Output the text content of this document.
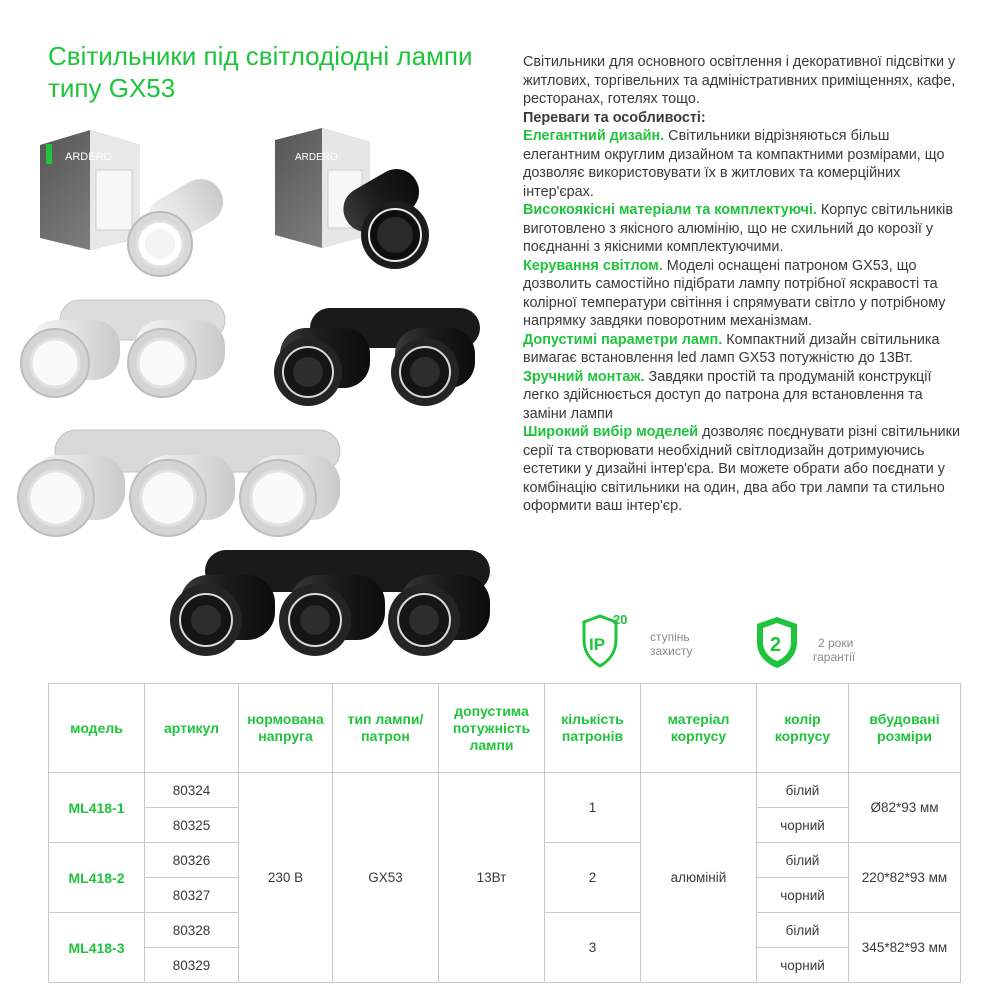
Світильники під світлодіодні лампи типу GX53
ARDERO	ARDERO

Світильники для основного освітлення і декоративної підсвітки у житлових, торгівельних та адміністративних приміщеннях, кафе, ресторанах, готелях тощо.

Переваги та особливості:

Елегантний дизайн. Світильники відрізняються більш елегантним округлим дизайном та компактними розмірами, що дозволяє використовувати їх в житлових та комерційних інтер'єрах.

Високоякісні матеріали та комплектуючі. Корпус світильників виготовлено з якісного алюмінію, що не схильний до корозії у поєднанні з якісними комплектуючими.

Керування світлом. Моделі оснащені патроном GX53, що дозволить самостійно підібрати лампу потрібної яскравості та колірної температури світіння і спрямувати світло у потрібному напрямку завдяки поворотним механізмам.

Допустимі параметри ламп. Компактний дизайн світильника вимагає встановлення led ламп GX53 потужністю до 13Вт.

Зручний монтаж. Завдяки простій та продуманій конструкції легко здійснюється доступ до патрона для встановлення та заміни лампи

Широкий вибір моделей дозволяє поєднувати різні світильники серії та створювати необхідний світлодизайн дотримуючись естетики у дизайні інтер'єра. Ви можете обрати або поєднати у комбінацію світильники на один, два або три лампи та стильно оформити ваш інтер'єр.

IP
20
ступінь
захисту	2	2 роки
гарантії
модель	артикул	нормована напруга	тип лампи/ патрон	допустима потужність лампи	кількість патронів	матеріал корпусу	колір корпусу	вбудовані розміри
ML418-1	80324	230 В	GX53	13Вт	1	алюміній	білий	Ø82*93 мм
	80325						чорний	
ML418-2	80326				2		білий	220*82*93 мм
	80327						чорний	
ML418-3	80328				3		білий	345*82*93 мм
	80329						чорний	
